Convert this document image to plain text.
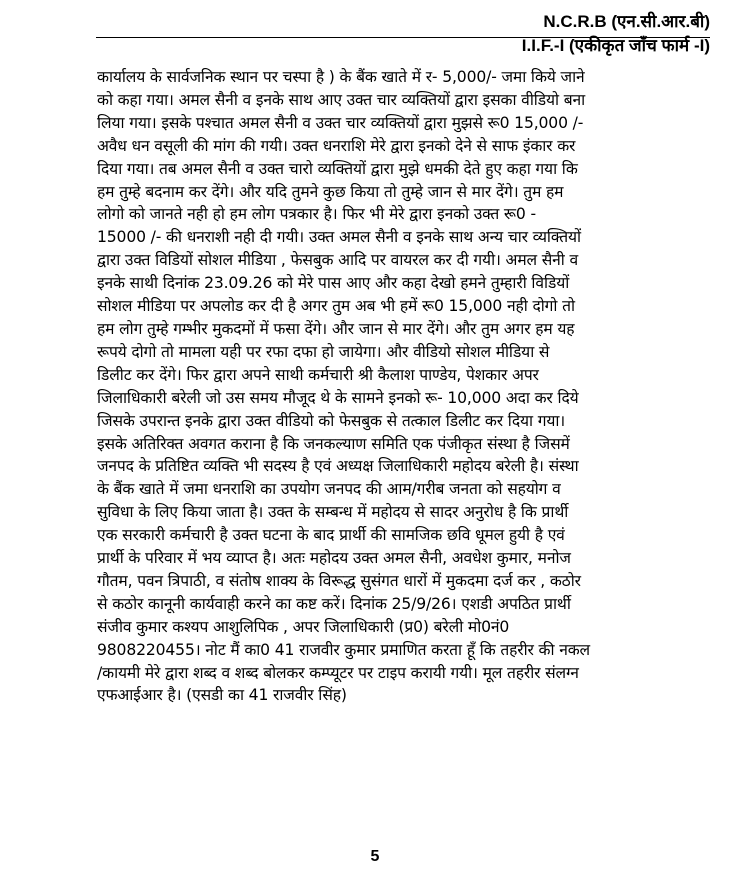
N.C.R.B (एन.सी.आर.बी)
I.I.F.-I (एकीकृत जाँच फार्म -I)
कार्यालय के सार्वजनिक स्थान पर चस्पा है ) के बैंक खाते में र- 5,000/- जमा किये जाने
को कहा गया। अमल सैनी व इनके साथ आए उक्त चार व्यक्तियों द्वारा इसका वीडियो बना
लिया गया। इसके पश्चात अमल सैनी व उक्त चार व्यक्तियों द्वारा मुझसे रू0 15,000 /-
अवैध धन वसूली की मांग की गयी। उक्त धनराशि मेरे द्वारा इनको देने से साफ इंकार कर
दिया गया। तब अमल सैनी व उक्त चारो व्यक्तियों द्वारा मुझे धमकी देते हुए कहा गया कि
हम तुम्हे बदनाम कर देंगे। और यदि तुमने कुछ किया तो तुम्हे जान से मार देंगे। तुम हम
लोगो को जानते नही हो हम लोग पत्रकार है। फिर भी मेरे द्वारा इनको उक्त रू0 -
15000 /- की धनराशी नही दी गयी। उक्त अमल सैनी व इनके साथ अन्य चार व्यक्तियों
द्वारा उक्त विडियों सोशल मीडिया , फेसबुक आदि पर वायरल कर दी गयी। अमल सैनी व
इनके साथी दिनांक 23.09.26 को मेरे पास आए और कहा देखो हमने तुम्हारी विडियों
सोशल मीडिया पर अपलोड कर दी है अगर तुम अब भी हमें रू0 15,000 नही दोगो तो
हम लोग तुम्हे गम्भीर मुकदमों में फसा देंगे। और जान से मार देंगे। और तुम अगर हम यह
रूपये दोगो तो मामला यही पर रफा दफा हो जायेगा। और वीडियो सोशल मीडिया से
डिलीट कर देंगे। फिर द्वारा अपने साथी कर्मचारी श्री कैलाश पाण्डेय, पेशकार अपर
जिलाधिकारी बरेली जो उस समय मौजूद थे के सामने इनको रू- 10,000 अदा कर दिये
जिसके उपरान्त इनके द्वारा उक्त वीडियो को फेसबुक से तत्काल डिलीट कर दिया गया।
इसके अतिरिक्त अवगत कराना है कि जनकल्याण समिति एक पंजीकृत संस्था है जिसमें
जनपद के प्रतिष्टित व्यक्ति भी सदस्य है एवं अध्यक्ष जिलाधिकारी महोदय बरेली है। संस्था
के बैंक खाते में जमा धनराशि का उपयोग जनपद की आम/गरीब जनता को सहयोग व
सुविधा के लिए किया जाता है। उक्त के सम्बन्ध में महोदय से सादर अनुरोध है कि प्रार्थी
एक सरकारी कर्मचारी है उक्त घटना के बाद प्रार्थी की सामजिक छवि धूमल हुयी है एवं
प्रार्थी के परिवार में भय व्याप्त है। अतः महोदय उक्त अमल सैनी, अवधेश कुमार, मनोज
गौतम, पवन त्रिपाठी, व संतोष शाक्य के विरूद्ध सुसंगत धारों में मुकदमा दर्ज कर , कठोर
से कठोर कानूनी कार्यवाही करने का कष्ट करें। दिनांक 25/9/26। एशडी अपठित प्रार्थी
संजीव कुमार कश्यप आशुलिपिक , अपर जिलाधिकारी (प्र0) बरेली मो0नं0
9808220455। नोट मैं का0 41 राजवीर कुमार प्रमाणित करता हूँ कि तहरीर की नकल
/कायमी मेरे द्वारा शब्द व शब्द बोलकर कम्प्यूटर पर टाइप करायी गयी। मूल तहरीर संलग्न
एफआईआर है। (एसडी का 41 राजवीर सिंह)
5
